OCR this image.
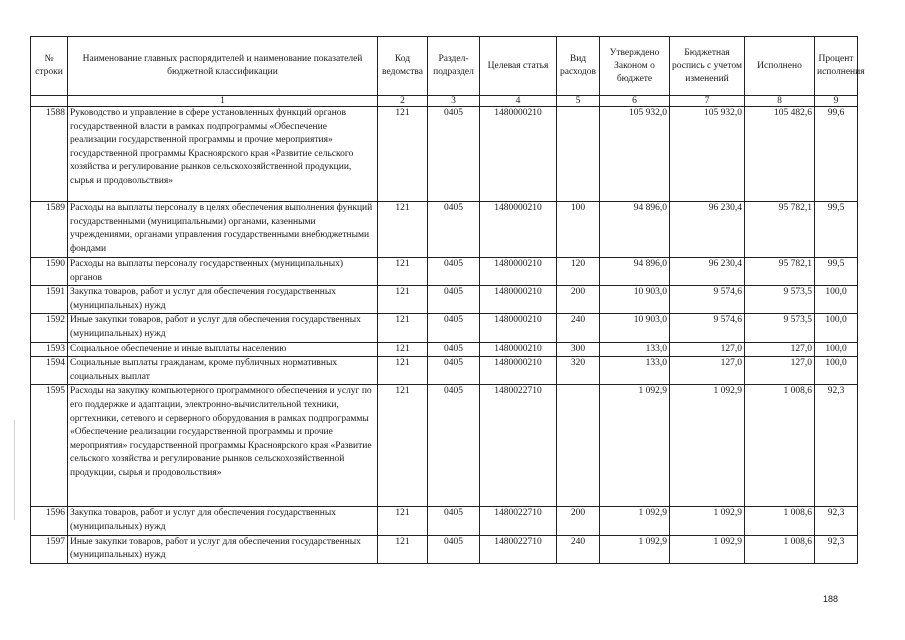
№ строки	Наименование главных распорядителей и наименование показателей бюджетной классификации	Код ведомства	Раздел-подраздел	Целевая статья	Вид расходов	Утверждено Законом о бюджете	Бюджетная роспись с учетом изменений	Исполнено	Процент исполнения
	1	2	3	4	5	6	7	8	9
1588	Руководство и управление в сфере установленных функций органов государственной власти в рамках подпрограммы «Обеспечение реализации государственной программы и прочие мероприятия» государственной программы Красноярского края «Развитие сельского хозяйства и регулирование рынков сельскохозяйственной продукции, сырья и продовольствия»	121	0405	1480000210		105 932,0	105 932,0	105 482,6	99,6
1589	Расходы на выплаты персоналу в целях обеспечения выполнения функций государственными (муниципальными) органами, казенными учреждениями, органами управления государственными внебюджетными фондами	121	0405	1480000210	100	94 896,0	96 230,4	95 782,1	99,5
1590	Расходы на выплаты персоналу государственных (муниципальных) органов	121	0405	1480000210	120	94 896,0	96 230,4	95 782,1	99,5
1591	Закупка товаров, работ и услуг для обеспечения государственных (муниципальных) нужд	121	0405	1480000210	200	10 903,0	9 574,6	9 573,5	100,0
1592	Иные закупки товаров, работ и услуг для обеспечения государственных (муниципальных) нужд	121	0405	1480000210	240	10 903,0	9 574,6	9 573,5	100,0
1593	Социальное обеспечение и иные выплаты населению	121	0405	1480000210	300	133,0	127,0	127,0	100,0
1594	Социальные выплаты гражданам, кроме публичных нормативных социальных выплат	121	0405	1480000210	320	133,0	127,0	127,0	100,0
1595	Расходы на закупку компьютерного программного обеспечения и услуг по его поддержке и адаптации, электронно-вычислительной техники, оргтехники, сетевого и серверного оборудования в рамках подпрограммы «Обеспечение реализации государственной программы и прочие мероприятия» государственной программы Красноярского края «Развитие сельского хозяйства и регулирование рынков сельскохозяйственной продукции, сырья и продовольствия»	121	0405	1480022710		1 092,9	1 092,9	1 008,6	92,3
1596	Закупка товаров, работ и услуг для обеспечения государственных (муниципальных) нужд	121	0405	1480022710	200	1 092,9	1 092,9	1 008,6	92,3
1597	Иные закупки товаров, работ и услуг для обеспечения государственных (муниципальных) нужд	121	0405	1480022710	240	1 092,9	1 092,9	1 008,6	92,3
188
